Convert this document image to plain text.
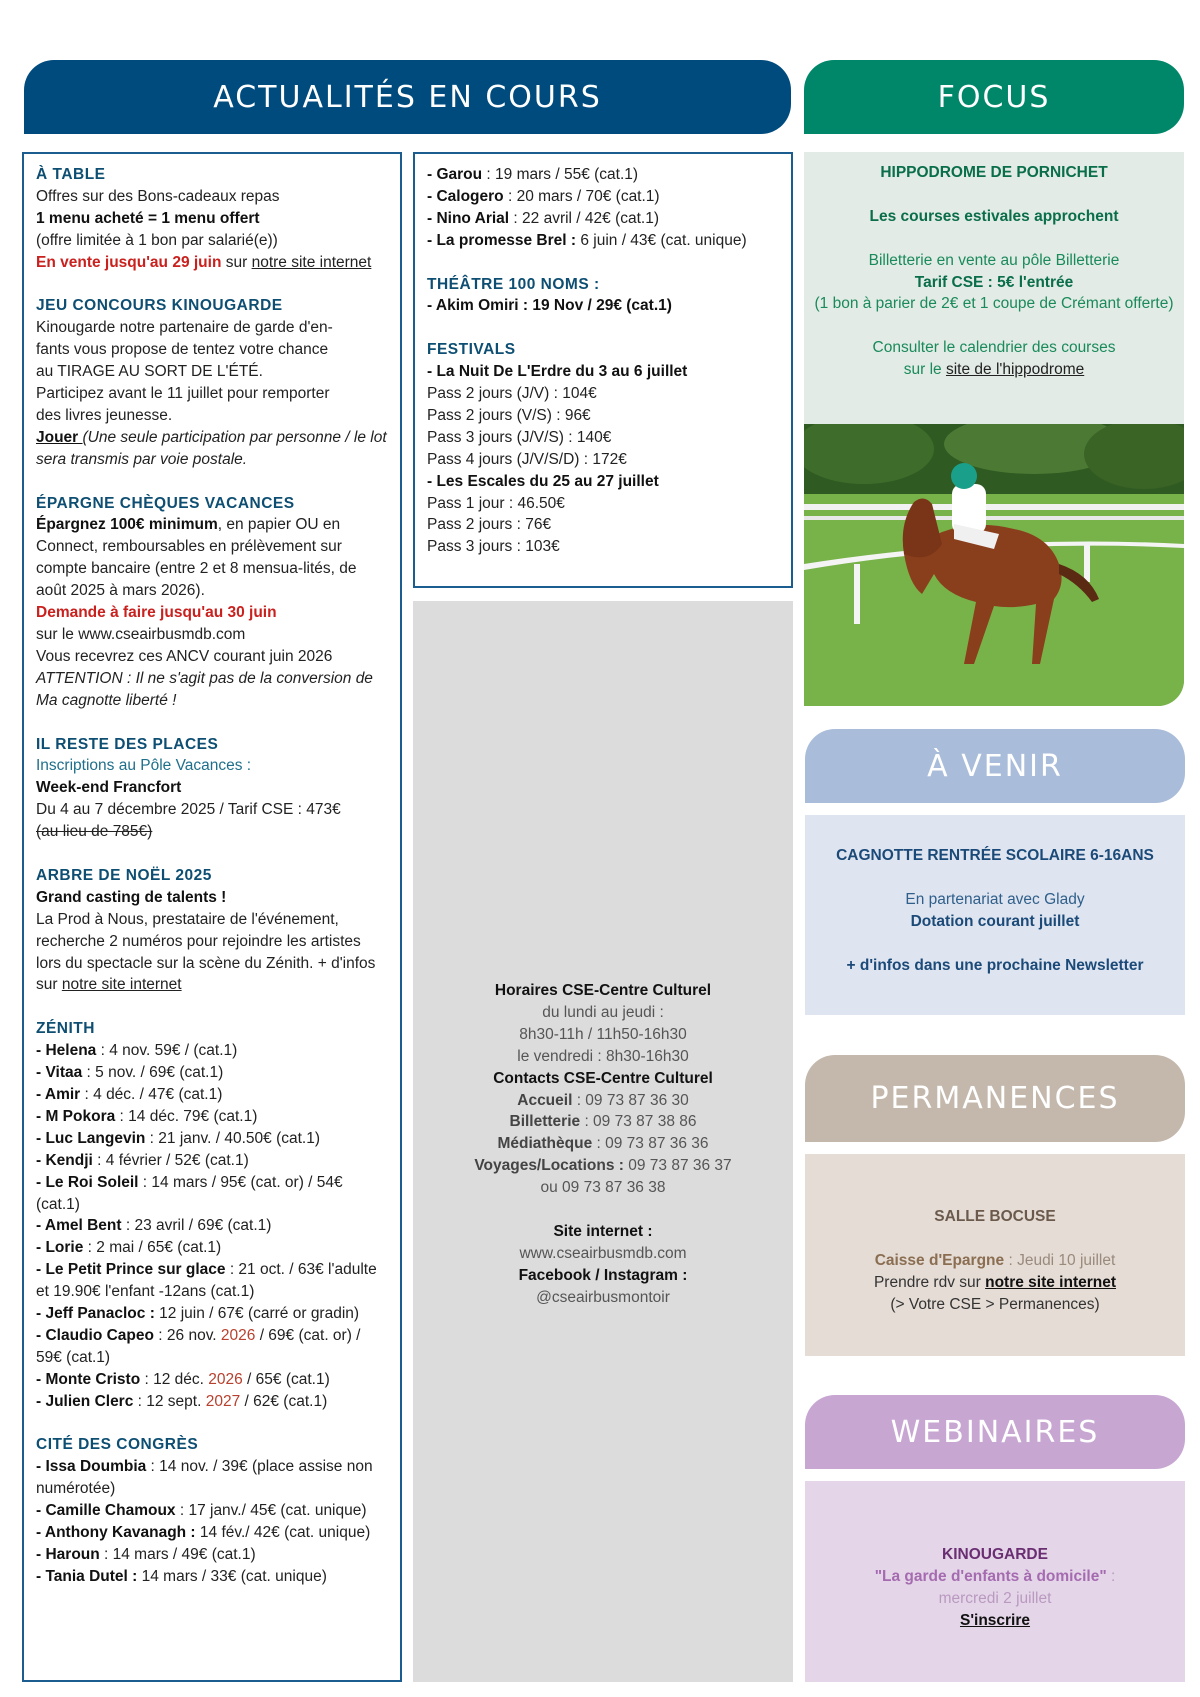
ACTUALITÉS EN COURS	FOCUS
À VENIR
PERMANENCES
WEBINAIRES
À TABLE
Offres sur des Bons-cadeaux repas
1 menu acheté = 1 menu offert
(offre limitée à 1 bon par salarié(e))
En vente jusqu'au 29 juin sur notre site internet
JEU CONCOURS KINOUGARDE
Kinougarde notre partenaire de garde d'en-
fants vous propose de tentez votre chance
au TIRAGE AU SORT DE L'ÉTÉ.
Participez avant le 11 juillet pour remporter
des livres jeunesse.
Jouer (Une seule participation par personne / le lot sera transmis par voie postale.
ÉPARGNE CHÈQUES VACANCES
Épargnez 100€ minimum, en papier OU en Connect, remboursables en prélèvement sur compte bancaire (entre 2 et 8 mensua-lités, de août 2025 à mars 2026).
Demande à faire jusqu'au 30 juin
sur le www.cseairbusmdb.com
Vous recevrez ces ANCV courant juin 2026
ATTENTION : Il ne s'agit pas de la conversion de Ma cagnotte liberté !
IL RESTE DES PLACES
Inscriptions au Pôle Vacances :
Week-end Francfort
Du 4 au 7 décembre 2025 / Tarif CSE : 473€
(au lieu de 785€)
ARBRE DE NOËL 2025
Grand casting de talents !
La Prod à Nous, prestataire de l'événement, recherche 2 numéros pour rejoindre les artistes lors du spectacle sur la scène du Zénith. + d'infos sur notre site internet
ZÉNITH
- Helena : 4 nov. 59€ / (cat.1)
- Vitaa : 5 nov. / 69€ (cat.1)
- Amir : 4 déc. / 47€ (cat.1)
- M Pokora : 14 déc. 79€ (cat.1)
- Luc Langevin : 21 janv. / 40.50€ (cat.1)
- Kendji : 4 février / 52€ (cat.1)
- Le Roi Soleil : 14 mars / 95€ (cat. or) / 54€ (cat.1)
- Amel Bent : 23 avril / 69€ (cat.1)
- Lorie : 2 mai / 65€ (cat.1)
- Le Petit Prince sur glace : 21 oct. / 63€ l'adulte et 19.90€ l'enfant -12ans (cat.1)
- Jeff Panacloc : 12 juin / 67€ (carré or gradin)
- Claudio Capeo : 26 nov. 2026 / 69€ (cat. or) / 59€ (cat.1)
- Monte Cristo : 12 déc. 2026 / 65€ (cat.1)
- Julien Clerc : 12 sept. 2027 / 62€ (cat.1)
CITÉ DES CONGRÈS
- Issa Doumbia : 14 nov. / 39€ (place assise non numérotée)
- Camille Chamoux : 17 janv./ 45€ (cat. unique)
- Anthony Kavanagh : 14 fév./ 42€ (cat. unique)
- Haroun : 14 mars / 49€ (cat.1)
- Tania Dutel : 14 mars / 33€ (cat. unique)
- Garou : 19 mars / 55€ (cat.1)
- Calogero : 20 mars / 70€ (cat.1)
- Nino Arial : 22 avril / 42€ (cat.1)
- La promesse Brel : 6 juin / 43€ (cat. unique)
THÉÂTRE 100 NOMS :
- Akim Omiri : 19 Nov / 29€ (cat.1)
FESTIVALS
- La Nuit De L'Erdre du 3 au 6 juillet
Pass 2 jours (J/V) : 104€
Pass 2 jours (V/S) : 96€
Pass 3 jours (J/V/S) : 140€
Pass 4 jours (J/V/S/D) : 172€
- Les Escales du 25 au 27 juillet
Pass 1 jour : 46.50€
Pass 2 jours : 76€
Pass 3 jours : 103€
Horaires CSE-Centre Culturel
du lundi au jeudi :
8h30-11h / 11h50-16h30
le vendredi : 8h30-16h30
Contacts CSE-Centre Culturel
Accueil : 09 73 87 36 30
Billetterie : 09 73 87 38 86
Médiathèque : 09 73 87 36 36
Voyages/Locations : 09 73 87 36 37
ou 09 73 87 36 38
Site internet :
www.cseairbusmdb.com
Facebook / Instagram :
@cseairbusmontoir
HIPPODROME DE PORNICHET
Les courses estivales approchent
Billetterie en vente au pôle Billetterie
Tarif CSE : 5€ l'entrée
(1 bon à parier de 2€ et 1 coupe de Crémant offerte)
Consulter le calendrier des courses
sur le site de l'hippodrome
CAGNOTTE RENTRÉE SCOLAIRE 6-16ANS
En partenariat avec Glady
Dotation courant juillet
+ d'infos dans une prochaine Newsletter
SALLE BOCUSE
Caisse d'Epargne : Jeudi 10 juillet
Prendre rdv sur notre site internet
(> Votre CSE > Permanences)
KINOUGARDE
"La garde d'enfants à domicile" :
mercredi 2 juillet
S'inscrire
